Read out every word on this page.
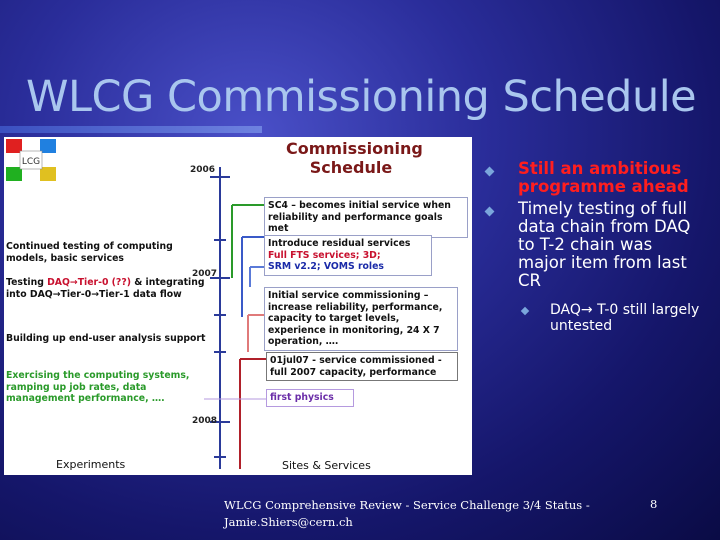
WLCG Commissioning Schedule
LCG
Commissioning Schedule
2006
2007
2008
Continued testing of computing models, basic services
Testing DAQ→Tier-0 (??) & integrating into DAQ→Tier-0→Tier-1 data flow
Building up end-user analysis support
Exercising the computing systems, ramping up job rates, data management performance, ….
SC4 – becomes initial service when reliability and performance goals met
Introduce residual services
Full FTS services; 3D;
SRM v2.2; VOMS roles
Initial service commissioning – increase reliability, performance, capacity to target levels, experience in monitoring, 24 X 7 operation, ….
01jul07 - service commissioned - full 2007 capacity, performance
first physics
Experiments	Sites & Services
Still an ambitious programme ahead
Timely testing of full data chain from DAQ to T-2 chain was major item from last CR
DAQ→ T-0 still largely untested
WLCG Comprehensive Review - Service Challenge 3/4 Status - Jamie.Shiers@cern.ch
8
